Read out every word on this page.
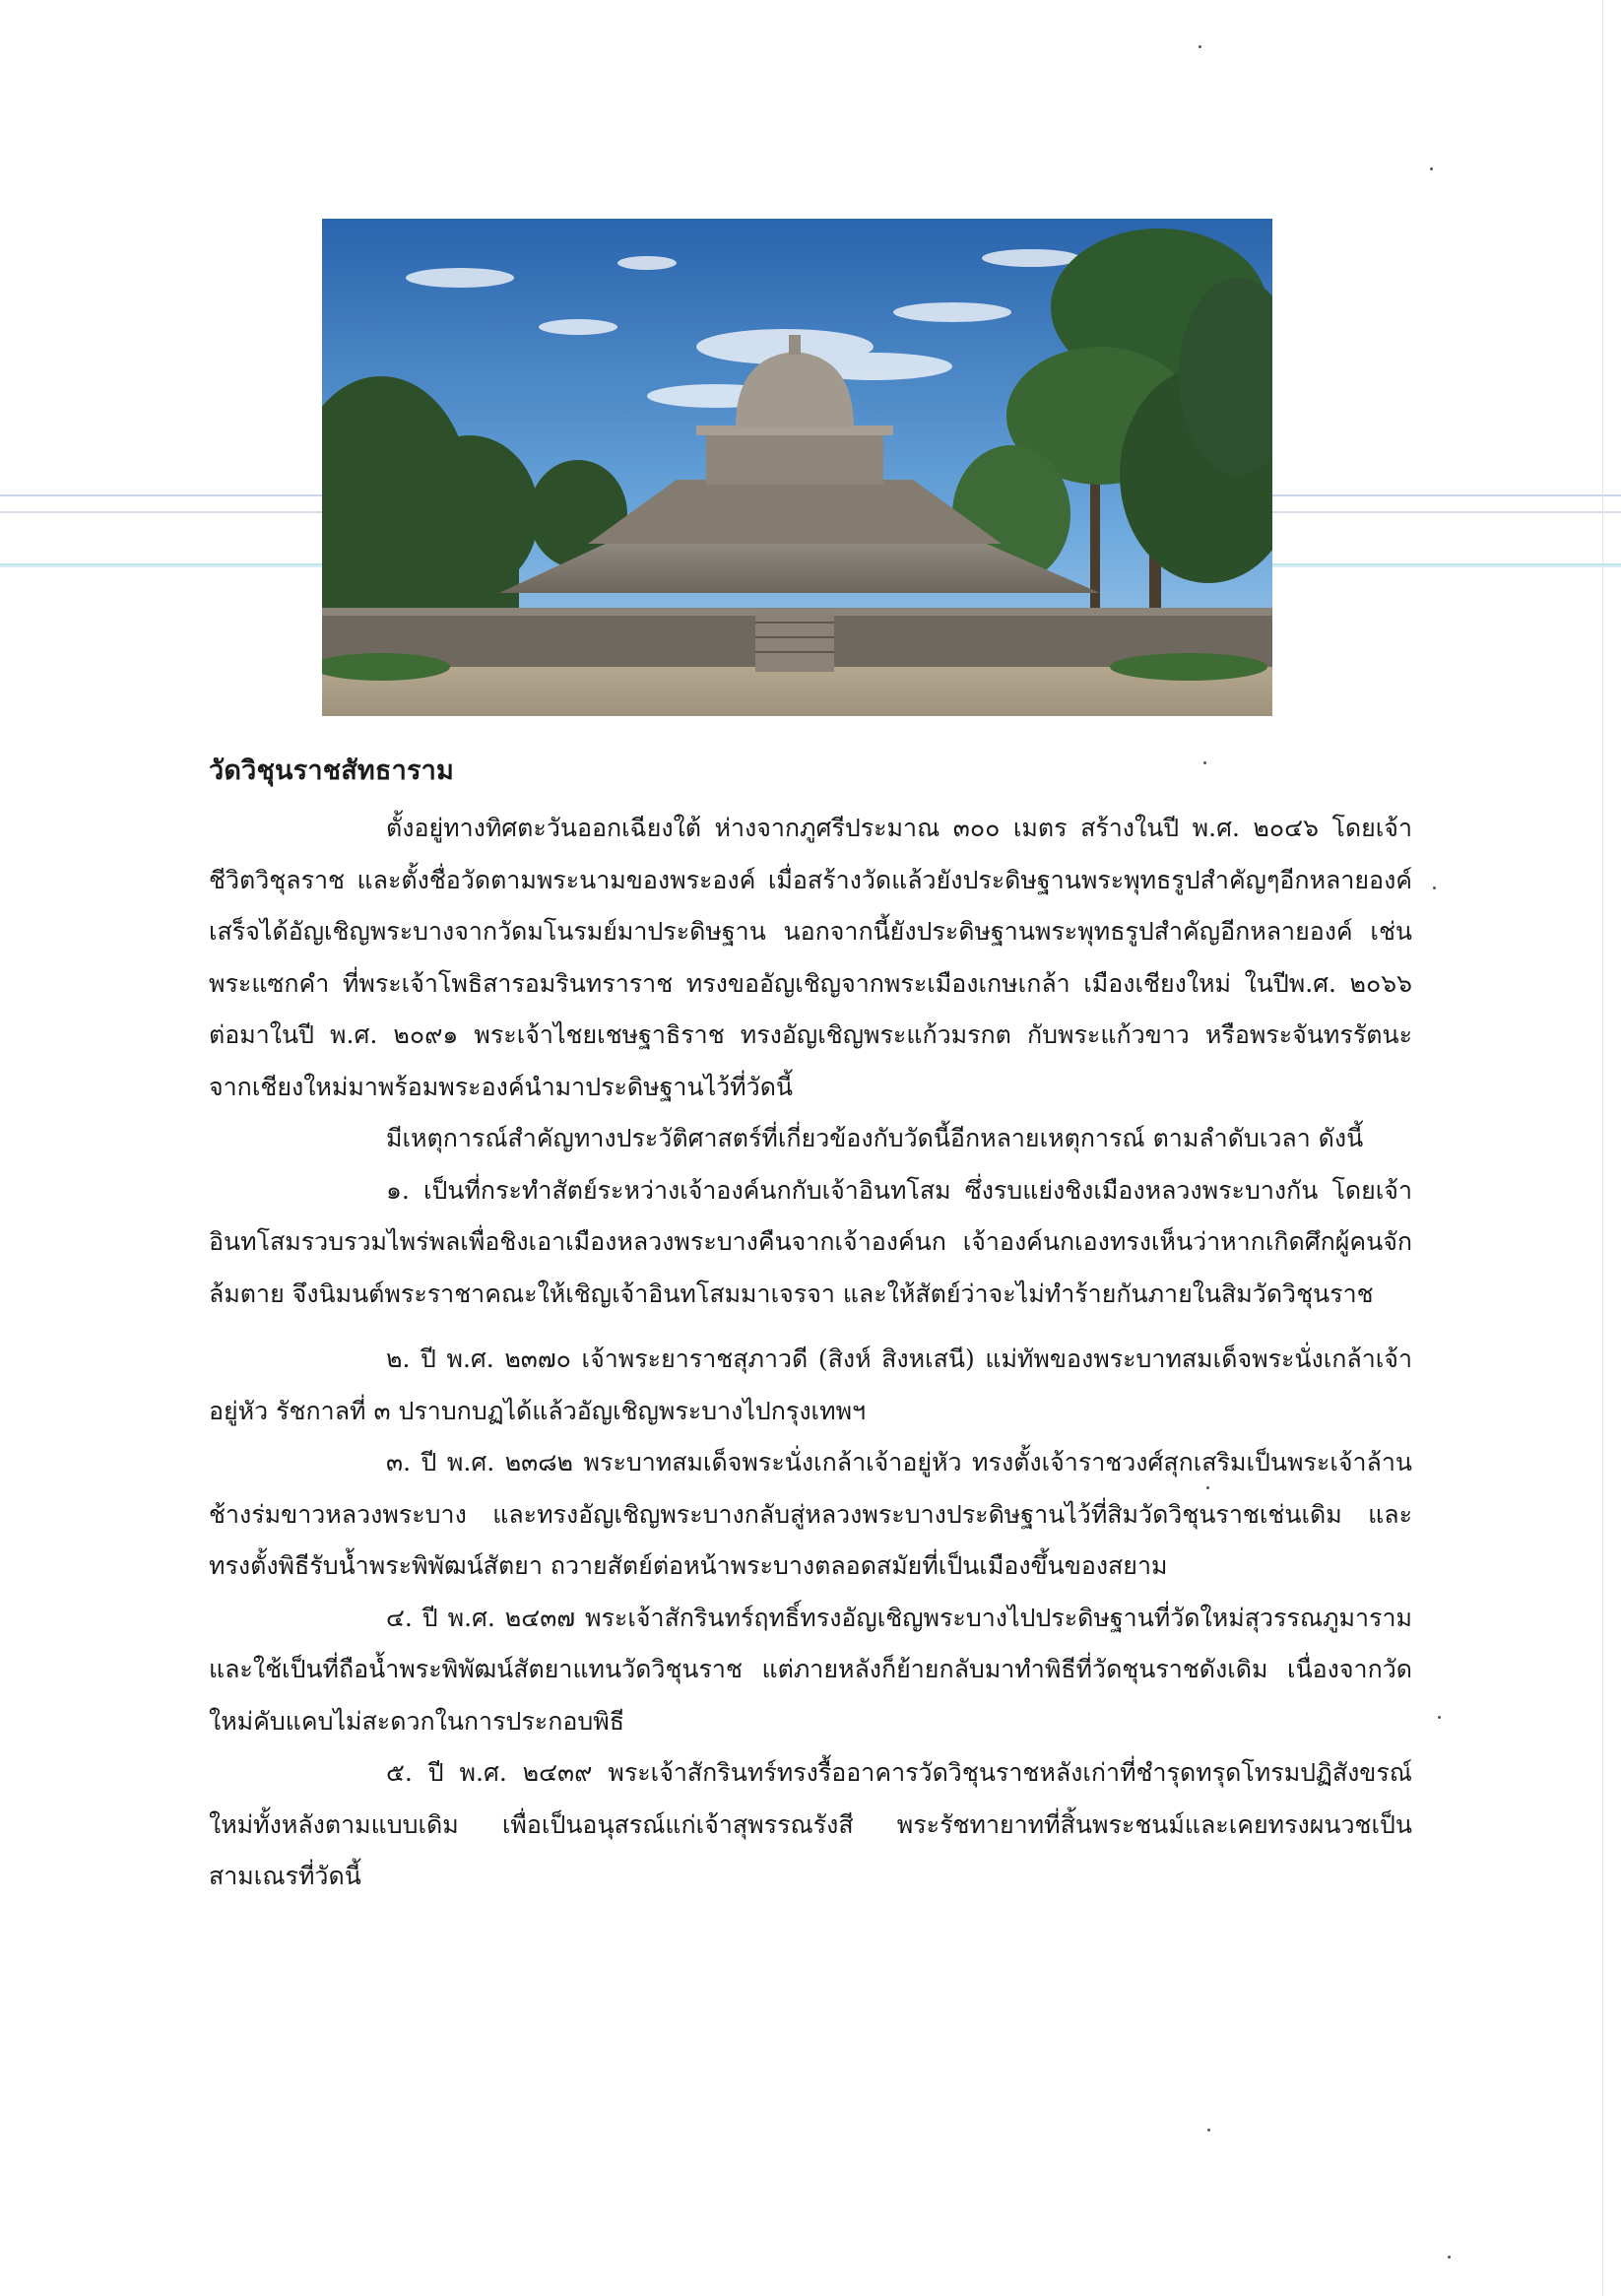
วัดวิชุนราชสัทธาราม

ตั้งอยู่ทางทิศตะวันออกเฉียงใต้ ห่างจากภูศรีประมาณ ๓๐๐ เมตร สร้างในปี พ.ศ. ๒๐๔๖ โดยเจ้าชีวิตวิชุลราช และตั้งชื่อวัดตามพระนามของพระองค์ เมื่อสร้างวัดแล้วยังประดิษฐานพระพุทธรูปสำคัญๆอีกหลายองค์เสร็จได้อัญเชิญพระบางจากวัดมโนรมย์มาประดิษฐาน นอกจากนี้ยังประดิษฐานพระพุทธรูปสำคัญอีกหลายองค์ เช่นพระแซกคำ ที่พระเจ้าโพธิสารอมรินทราราช ทรงขออัญเชิญจากพระเมืองเกษเกล้า เมืองเชียงใหม่ ในปีพ.ศ. ๒๐๖๖ ต่อมาในปี พ.ศ. ๒๐๙๑ พระเจ้าไชยเชษฐาธิราช ทรงอัญเชิญพระแก้วมรกต กับพระแก้วขาว หรือพระจันทรรัตนะ จากเชียงใหม่มาพร้อมพระองค์นำมาประดิษฐานไว้ที่วัดนี้

มีเหตุการณ์สำคัญทางประวัติศาสตร์ที่เกี่ยวข้องกับวัดนี้อีกหลายเหตุการณ์ ตามลำดับเวลา ดังนี้

๑. เป็นที่กระทำสัตย์ระหว่างเจ้าองค์นกกับเจ้าอินทโสม ซึ่งรบแย่งชิงเมืองหลวงพระบางกัน โดยเจ้าอินทโสมรวบรวมไพร่พลเพื่อชิงเอาเมืองหลวงพระบางคืนจากเจ้าองค์นก เจ้าองค์นกเองทรงเห็นว่าหากเกิดศึกผู้คนจักล้มตาย จึงนิมนต์พระราชาคณะให้เชิญเจ้าอินทโสมมาเจรจา และให้สัตย์ว่าจะไม่ทำร้ายกันภายในสิมวัดวิชุนราช

๒. ปี พ.ศ. ๒๓๗๐ เจ้าพระยาราชสุภาวดี (สิงห์ สิงหเสนี) แม่ทัพของพระบาทสมเด็จพระนั่งเกล้าเจ้าอยู่หัว รัชกาลที่ ๓ ปราบกบฏได้แล้วอัญเชิญพระบางไปกรุงเทพฯ

๓. ปี พ.ศ. ๒๓๘๒ พระบาทสมเด็จพระนั่งเกล้าเจ้าอยู่หัว ทรงตั้งเจ้าราชวงศ์สุกเสริมเป็นพระเจ้าล้านช้างร่มขาวหลวงพระบาง และทรงอัญเชิญพระบางกลับสู่หลวงพระบางประดิษฐานไว้ที่สิมวัดวิชุนราชเช่นเดิม และทรงตั้งพิธีรับน้ำพระพิพัฒน์สัตยา ถวายสัตย์ต่อหน้าพระบางตลอดสมัยที่เป็นเมืองขึ้นของสยาม

๔. ปี พ.ศ. ๒๔๓๗ พระเจ้าสักรินทร์ฤทธิ์ทรงอัญเชิญพระบางไปประดิษฐานที่วัดใหม่สุวรรณภูมาราม และใช้เป็นที่ถือน้ำพระพิพัฒน์สัตยาแทนวัดวิชุนราช แต่ภายหลังก็ย้ายกลับมาทำพิธีที่วัดชุนราชดังเดิม เนื่องจากวัดใหม่คับแคบไม่สะดวกในการประกอบพิธี

๕. ปี พ.ศ. ๒๔๓๙ พระเจ้าสักรินทร์ทรงรื้ออาคารวัดวิชุนราชหลังเก่าที่ชำรุดทรุดโทรมปฏิสังขรณ์ใหม่ทั้งหลังตามแบบเดิม เพื่อเป็นอนุสรณ์แก่เจ้าสุพรรณรังสี พระรัชทายาทที่สิ้นพระชนม์และเคยทรงผนวชเป็นสามเณรที่วัดนี้
